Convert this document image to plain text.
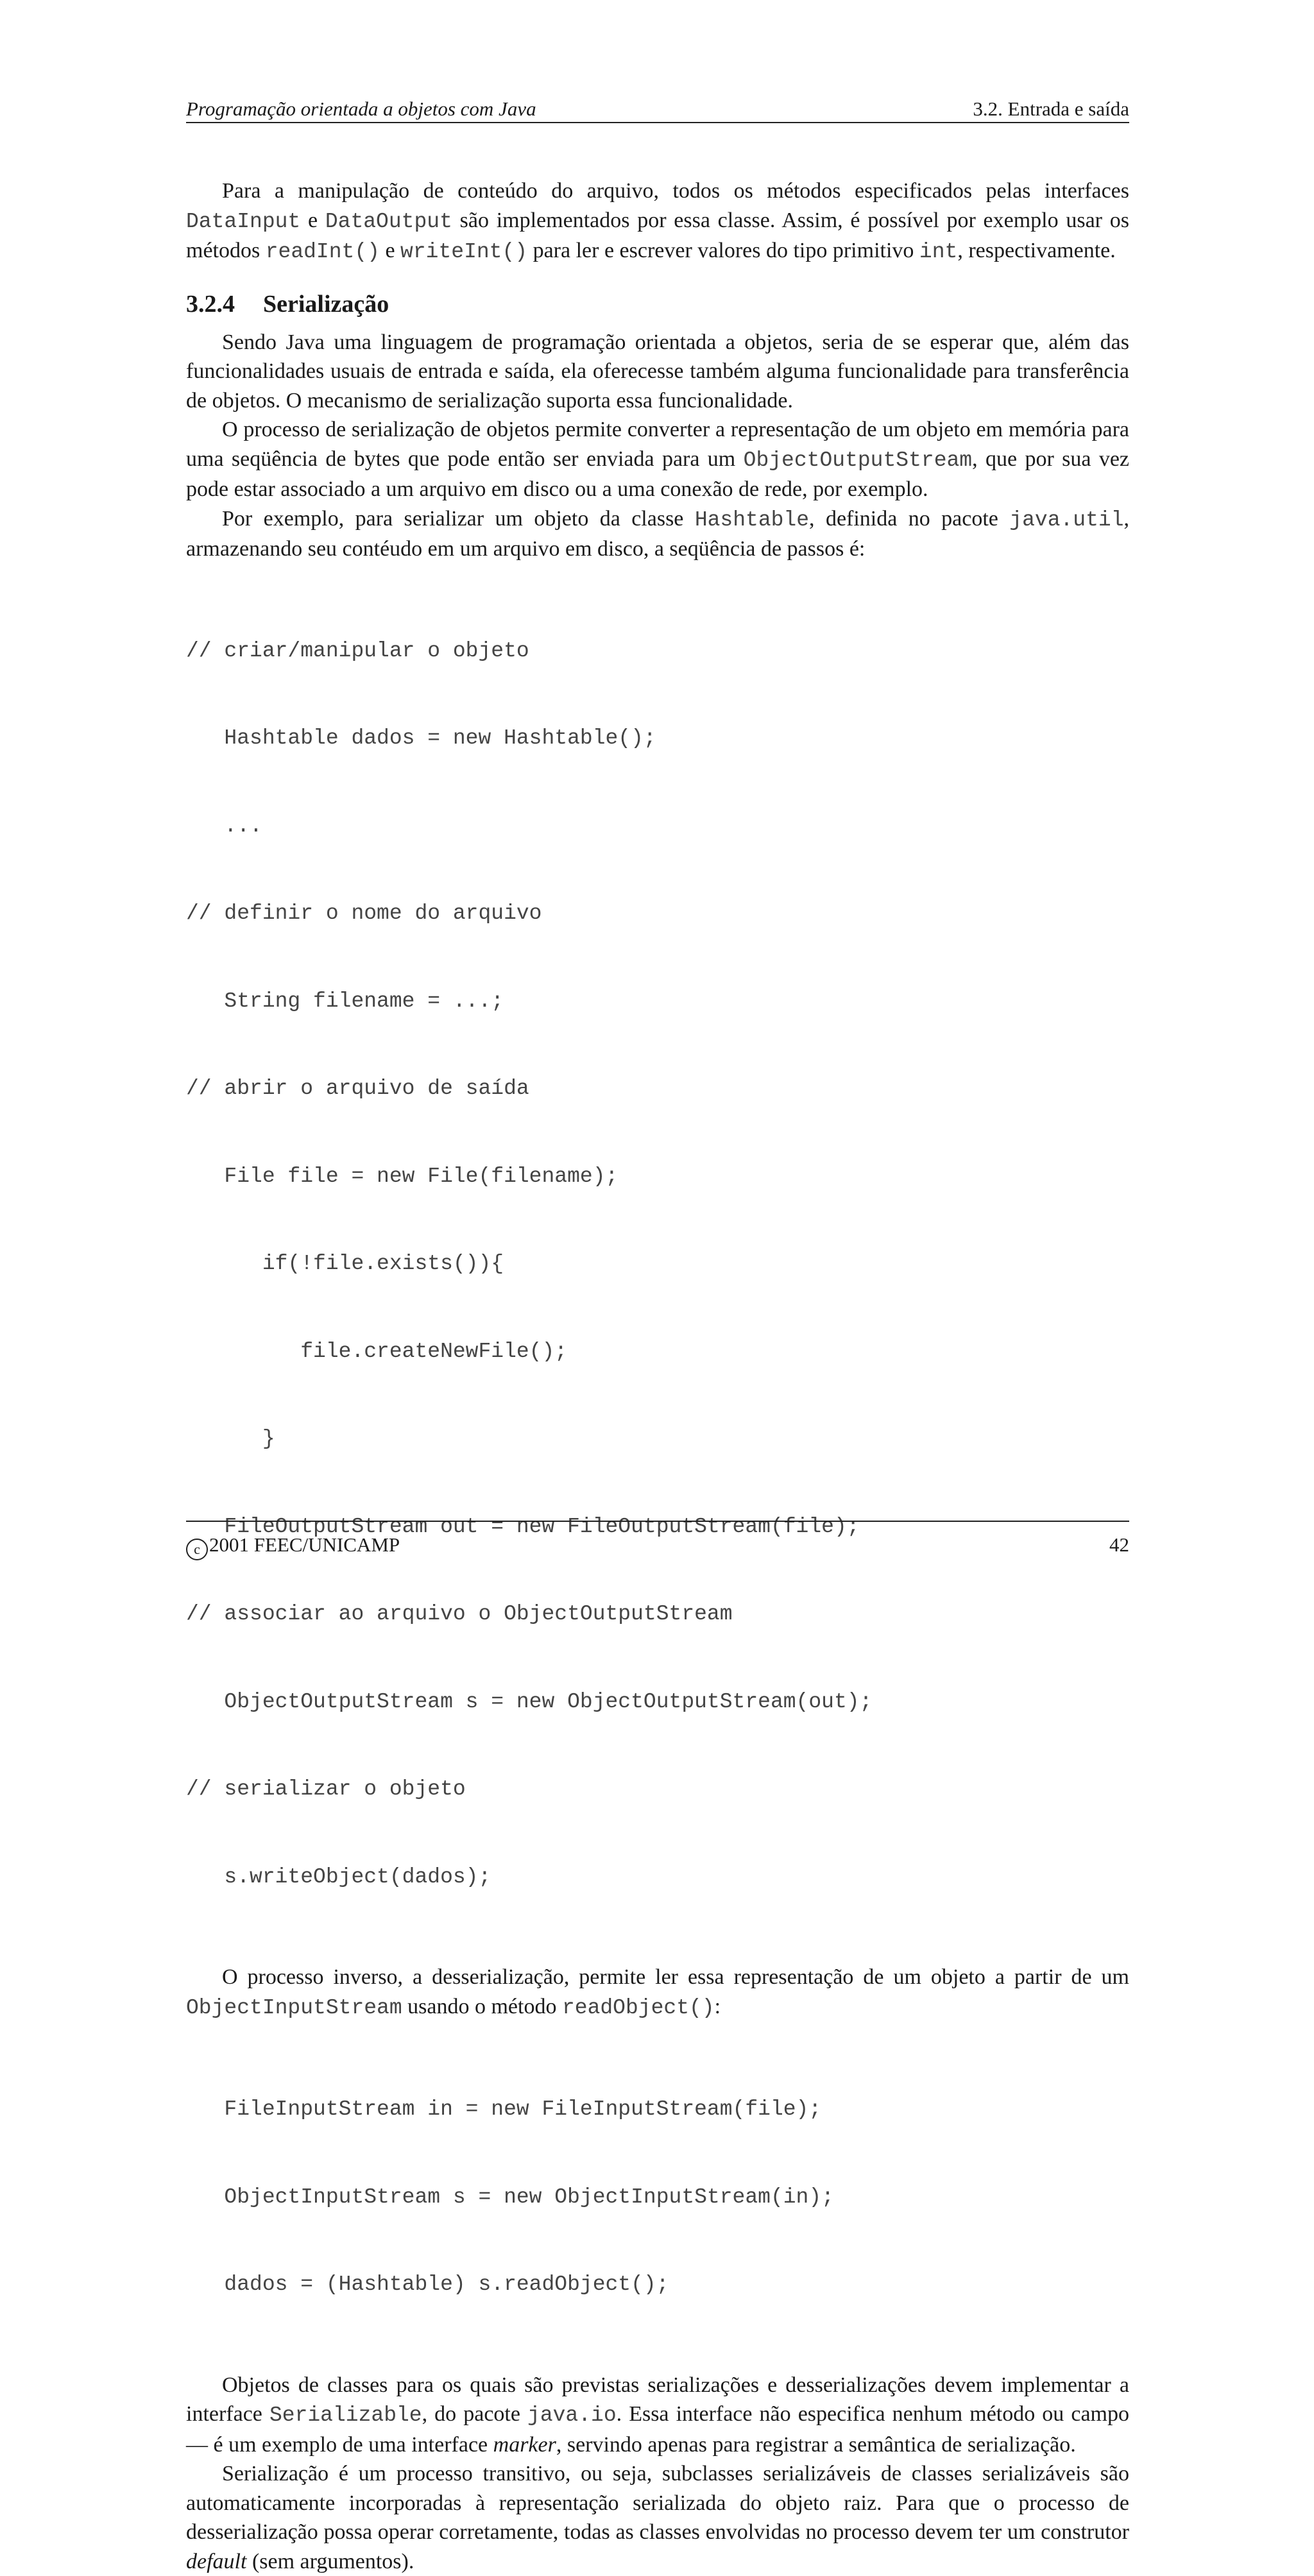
Programação orientada a objetos com Java	3.2. Entrada e saída

Para a manipulação de conteúdo do arquivo, todos os métodos especificados pelas interfaces DataInput e DataOutput são implementados por essa classe. Assim, é possível por exemplo usar os métodos readInt() e writeInt() para ler e escrever valores do tipo primitivo int, respectivamente.

3.2.4 Serialização

Sendo Java uma linguagem de programação orientada a objetos, seria de se esperar que, além das funcionalidades usuais de entrada e saída, ela oferecesse também alguma funcionalidade para transferência de objetos. O mecanismo de serialização suporta essa funcionalidade.

O processo de serialização de objetos permite converter a representação de um objeto em memória para uma seqüência de bytes que pode então ser enviada para um ObjectOutputStream, que por sua vez pode estar associado a um arquivo em disco ou a uma conexão de rede, por exemplo.

Por exemplo, para serializar um objeto da classe Hashtable, definida no pacote java.util, armazenando seu contéudo em um arquivo em disco, a seqüência de passos é:

// criar/manipular o objeto

Hashtable dados = new Hashtable();

...

// definir o nome do arquivo

String filename = ...;

// abrir o arquivo de saída

File file = new File(filename);

if(!file.exists()){

file.createNewFile();

}

FileOutputStream out = new FileOutputStream(file);

// associar ao arquivo o ObjectOutputStream

ObjectOutputStream s = new ObjectOutputStream(out);

// serializar o objeto

s.writeObject(dados);

O processo inverso, a desserialização, permite ler essa representação de um objeto a partir de um ObjectInputStream usando o método readObject():

FileInputStream in = new FileInputStream(file);

ObjectInputStream s = new ObjectInputStream(in);

dados = (Hashtable) s.readObject();

Objetos de classes para os quais são previstas serializações e desserializações devem implementar a interface Serializable, do pacote java.io. Essa interface não especifica nenhum método ou campo — é um exemplo de uma interface marker, servindo apenas para registrar a semântica de serialização.

Serialização é um processo transitivo, ou seja, subclasses serializáveis de classes serializáveis são automaticamente incorporadas à representação serializada do objeto raiz. Para que o processo de desserialização possa operar corretamente, todas as classes envolvidas no processo devem ter um construtor default (sem argumentos).

c 2001 FEEC/UNICAMP	42
